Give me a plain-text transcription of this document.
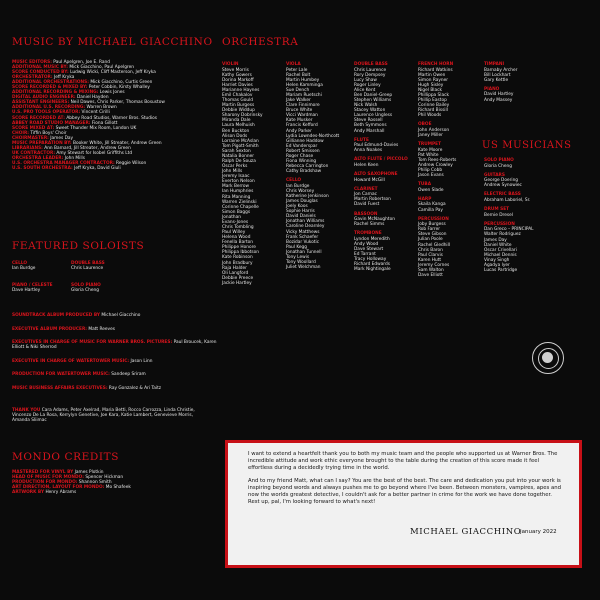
MUSIC BY MICHAEL GIACCHINO ORCHESTRA
MUSIC EDITORS: Paul Apelgren, Joe E. Rand
ADDITIONAL MUSIC BY: Mick Giacchino, Paul Apelgren
SCORE CONDUCTED BY: Ludwig Wicki, Cliff Masterson, Jeff Kryka
ORCHESTRATOR: Jeff Kryka
ADDITIONAL ORCHESTRATIONS: Mick Giacchino, Curtis Green
SCORE RECORDED & MIXED BY: Peter Cobbin, Kirsty Whalley
ADDITIONAL RECORDING & MIXING: Lewis Jones
DIGITAL AUDIO ENGINEER: Daniel Hayden
ASSISTANT ENGINEERS: Neil Dawes, Chris Parker, Thomas Bosustow
ADDITIONAL U.S. RECORDING: Warren Brown
U.S. PRO TOOLS OPERATOR: Vincent Cirilli
SCORE RECORDED AT: Abbey Road Studios, Warner Bros. Studios
ABBEY ROAD STUDIO MANAGER: Fiona Gillott
SCORE MIXED AT: Sweet Thunder Mix Room, London UK
CHOIR: Tiffin Boys' Choir
CHOIRMASTER: James Day
MUSIC PREPARATION BY: Booker White, Jill Streater, Andrew Green
LIBRARIANS: Ann Barnard, Jill Streater, Andrew Green
UK CONTRACTOR: Amy Stewart for Isobel Griffiths Ltd
ORCHESTRA LEADER: John Mills
U.S. ORCHESTRA MANAGER CONTRACTOR: Reggie Wilson
U.S. SOUTH ORCHESTRA: Jeff Kryka, David Giuli
FEATURED SOLOISTS
CELLO
Ian Burdge
DOUBLE BASS
Chris Laurence
PIANO / CELESTE
Dave Hartley
SOLO PIANO
Gloria Cheng
SOUNDTRACK ALBUM PRODUCED BY Michael Giacchino
EXECUTIVE ALBUM PRODUCER: Matt Reeves
EXECUTIVES IN CHARGE OF MUSIC FOR WARNER BROS. PICTURES: Paul Broucek, Karen Elliott & Niki Sherrod
EXECUTIVE IN CHARGE OF WATERTOWER MUSIC: Jason Linn
PRODUCTION FOR WATERTOWER MUSIC: Sandeep Sriram
MUSIC BUSINESS AFFAIRS EXECUTIVES: Ray Gonzalez & Ari Taitz
THANK YOU Cara Adams, Peter Axelrad, Maria Betti, Rocco Carrozza, Linda Christie, Vincenzo De La Rosa, Kerrylyn Genetive, Joe Kara, Katie Lambert, Genevieve Morris, Amanda Sliimac
MONDO CREDITS
MASTERED FOR VINYL BY James Plotkin
HEAD OF MUSIC FOR MONDO: Spencer Hickman
PRODUCTION FOR MONDO: Shannon Smith
ART DIRECTION, LAYOUT FOR MONDO: Mo Shafeek
ARTWORK BY Henry Abrams
VIOLIN
Steve Morris
Kathy Gowers
Dorina Markoff
Harriet Davies
Marianne Haynes
Emil Chakalov
Thomas Gould
Martin Burgess
Debbie Widdup
Sharony Dobrinsky
Miranda Dale
Laura Melhuish
Ben Buckton
Alison Dods
Lorraine McAslan
Tom Pigott-Smith
Sarah Sexton
Natalia Bonner
Ralph De Souza
Oscar Perks
John Mills
Jeremy Isaac
Everton Nelson
Mark Berrow
Ian Humphries
Rita Manning
Warren Zielinski
Corinne Chapelle
Simon Baggs
Jonathan
Evans-Jones
Chris Tombling
Paul Willey
Helena Wood
Fenella Barton
Philippe Honore
Philippa Ibbotson
Kate Robinson
John Bradbury
Raja Halder
Oli Langford
Debbie Preece
Jackie Hartley
VIOLA
Peter Lale
Rachel Bolt
Martin Humbey
Helen Kamminga
Sue Dench
Mariam Ruetschi
Jake Walker
Clare Finnimore
Bruce White
Vicci Wardman
Kate Musker
Francis Kefford
Andy Parker
Lydia Lowndes-Northcott
Gillianne Haddow
Ed Vanderspar
Robert Smissen
Roger Chase
Fiona Winning
Rebecca Carrington
Cathy Bradshaw
CELLO
Ian Burdge
Chris Worsey
Katherine Jenkinson
James Douglas
Joely Koos
Sophie Harris
David Daniels
Jonathan Williams
Caroline Dearnley
Vicky Matthews
Frank Schaefer
Bozidar Vukotic
Paul Kegg
Jonathan Tunnell
Tony Lewis
Tony Woollard
Juliet Welchman
DOUBLE BASS
Chris Laurence
Rory Dempsey
Lucy Shaw
Roger Linley
Alice Kent
Ben Daniel-Greep
Stephen Williams
Nick Walsh
Stacey Watton
Laurence Ungless
Steve Rossell
Beth Symmons
Andy Marshall
FLUTE
Paul Edmund-Davies
Anna Noakes
ALTO FLUTE / PICCOLO
Helen Keen
ALTO SAXOPHONE
Howard McGill
CLARINET
Jon Carnac
Martin Robertson
David Fuest
BASSOON
Gavin McNaughton
Rachel Simms
TROMBONE
Lyndon Meredith
Andy Wood
Dave Stewart
Ed Tarrant
Tracy Holloway
Richard Edwards
Mark Nightingale
FRENCH HORN
Richard Watkins
Martin Owen
Simon Rayner
Hugh Sisley
Nigel Black
Phillippa Slack
Phillip Eastop
Corinne Bailey
Richard Bissill
Phil Woods
OBOE
John Anderson
Janey Miller
TRUMPET
Kate Moore
Pat White
Tom Rees-Roberts
Andrew Crowley
Philip Cobb
Jason Evans
TUBA
Owen Slade
HARP
Skaila Kanga
Camilla Pay
PERCUSSION
Joby Burgess
Rob Farrer
Steve Gibson
Julian Poole
Rachel Gledhill
Chris Baron
Paul Clarvis
Karen Hutt
Jeremy Cornes
Sam Walton
Dave Elliott
TIMPANI
Barnaby Archer
Bill Lockhart
Gary Kettle
PIANO
David Hartley
Andy Massey
US MUSICIANS
SOLO PIANO
Gloria Cheng
GUITARS
George Doering
Andrew Synowiec
ELECTRIC BASS
Abraham Laboriel, Sr.
DRUM SET
Bernie Dresel
PERCUSSION
Dan Greco – PRINCIPAL
Walter Rodriguez
James Day
Daniel White
Oscar Crivellari
Michael Dennis
Vinay Singh
Agadya Iyer
Lucas Partridge

I want to extend a heartfelt thank you to both my music team and the people who supported us at Warner Bros. The incredible attitude and work ethic everyone brought to the table during the creation of this score made it feel effortless during a decidedly trying time in the world.

And to my friend Matt, what can I say? You are the best of the best. The care and dedication you put into your work is inspiring beyond words and always pushes me to go beyond where I've been. Between monsters, vampires, apes and now the worlds greatest detective, I couldn't ask for a better partner in crime for the work we have done together. Rest up, pal, I'm looking forward to what's next!

MICHAEL GIACCHINO
January 2022
